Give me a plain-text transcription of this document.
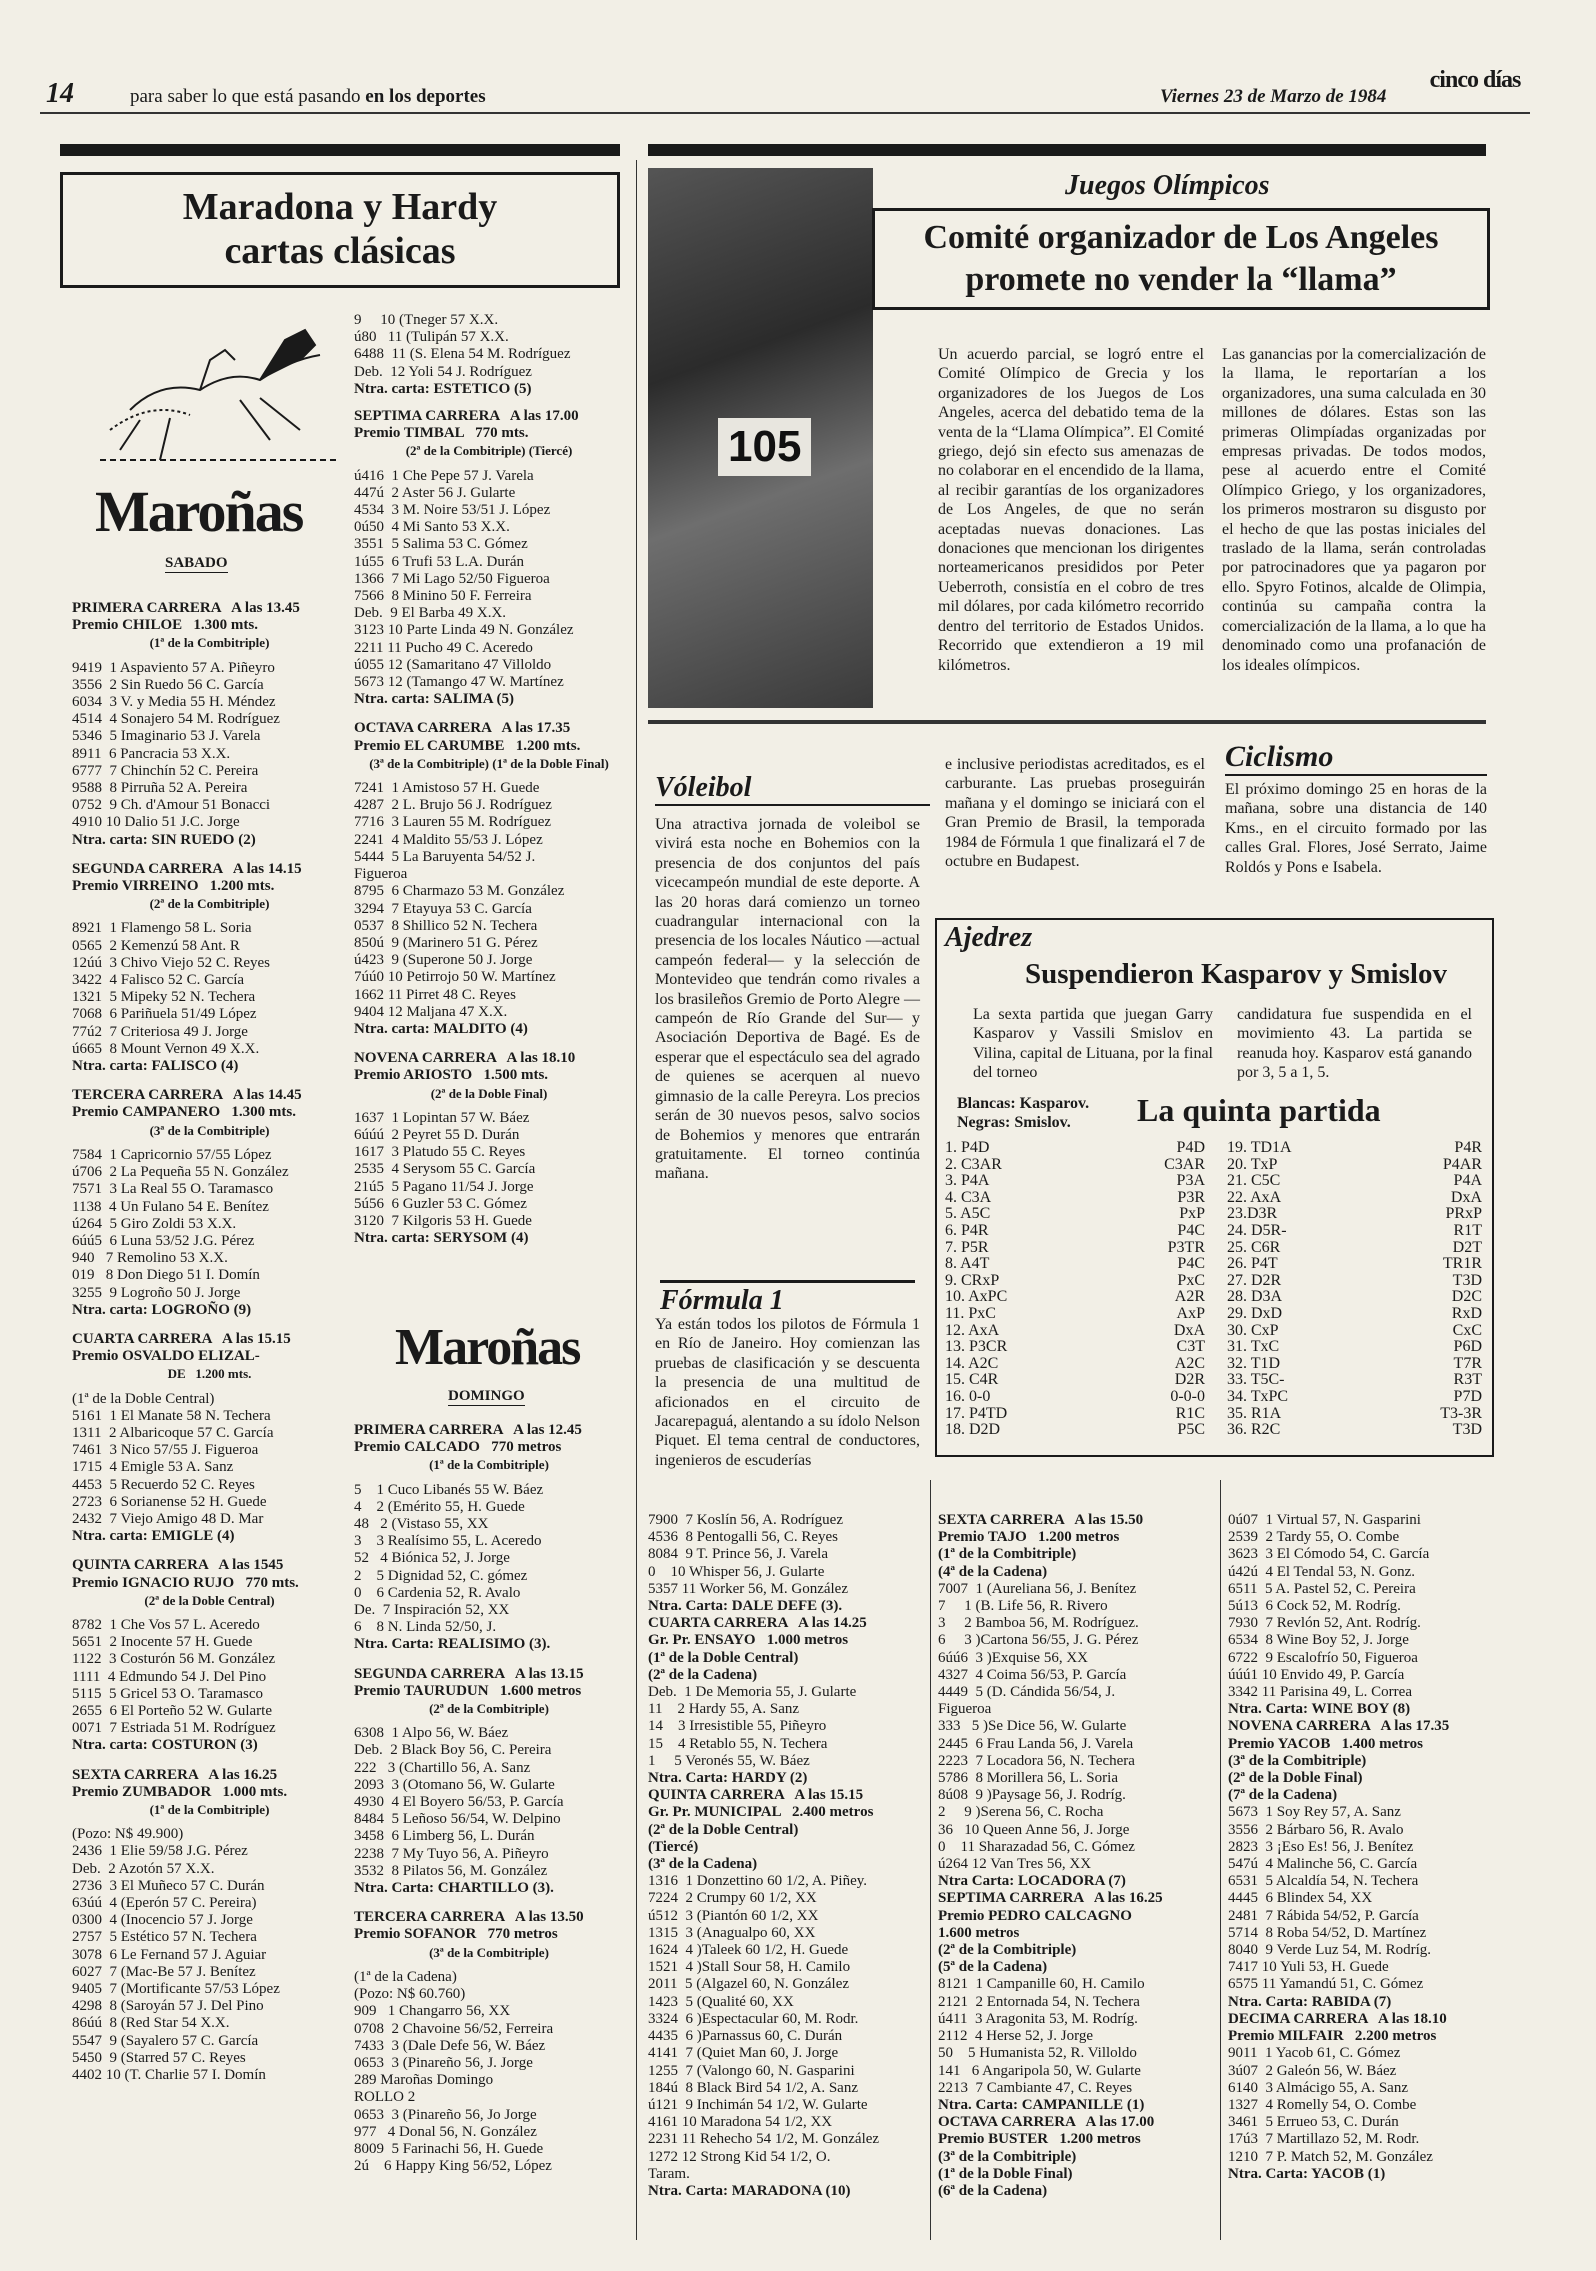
14	para saber lo que está pasando en los deportes	Viernes 23 de Marzo de 1984
cinco días
Maradona y Hardy
cartas clásicas
Maroñas
SABADO
PRIMERA CARRERA   A las 13.45
Premio CHILOE   1.300 mts.
(1ª de la Combitriple)
9419  1 Aspaviento 57 A. Piñeyro
3556  2 Sin Ruedo 56 C. García
6034  3 V. y Media 55 H. Méndez
4514  4 Sonajero 54 M. Rodríguez
5346  5 Imaginario 53 J. Varela
8911  6 Pancracia 53 X.X.
6777  7 Chinchín 52 C. Pereira
9588  8 Pirruña 52 A. Pereira
0752  9 Ch. d'Amour 51 Bonacci
4910 10 Dalio 51 J.C. Jorge
Ntra. carta: SIN RUEDO (2)
SEGUNDA CARRERA   A las 14.15
Premio VIRREINO   1.200 mts.
(2ª de la Combitriple)
8921  1 Flamengo 58 L. Soria
0565  2 Kemenzú 58 Ant. R
12úú  3 Chivo Viejo 52 C. Reyes
3422  4 Falisco 52 C. García
1321  5 Mipeky 52 N. Techera
7068  6 Pariñuela 51/49 López
77ú2  7 Criteriosa 49 J. Jorge
ú665  8 Mount Vernon 49 X.X.
Ntra. carta: FALISCO (4)
TERCERA CARRERA   A las 14.45
Premio CAMPANERO   1.300 mts.
(3ª de la Combitriple)
7584  1 Capricornio 57/55 López
ú706  2 La Pequeña 55 N. González
7571  3 La Real 55 O. Taramasco
1138  4 Un Fulano 54 E. Benítez
ú264  5 Giro Zoldi 53 X.X.
6úú5  6 Luna 53/52 J.G. Pérez
940   7 Remolino 53 X.X.
019   8 Don Diego 51 I. Domín
3255  9 Logroño 50 J. Jorge
Ntra. carta: LOGROÑO (9)
CUARTA CARRERA   A las 15.15
Premio OSVALDO ELIZAL-
DE   1.200 mts.
(1ª de la Doble Central)
5161  1 El Manate 58 N. Techera
1311  2 Albaricoque 57 C. García
7461  3 Nico 57/55 J. Figueroa
1715  4 Emigle 53 A. Sanz
4453  5 Recuerdo 52 C. Reyes
2723  6 Sorianense 52 H. Guede
2432  7 Viejo Amigo 48 D. Mar
Ntra. carta: EMIGLE (4)
QUINTA CARRERA   A las 1545
Premio IGNACIO RUJO   770 mts.
(2ª de la Doble Central)
8782  1 Che Vos 57 L. Aceredo
5651  2 Inocente 57 H. Guede
1122  3 Costurón 56 M. González
1111  4 Edmundo 54 J. Del Pino
5115  5 Gricel 53 O. Taramasco
2655  6 El Porteño 52 W. Gularte
0071  7 Estriada 51 M. Rodríguez
Ntra. carta: COSTURON (3)
SEXTA CARRERA   A las 16.25
Premio ZUMBADOR   1.000 mts.
(1ª de la Combitriple)
(Pozo: N$ 49.900)
2436  1 Elie 59/58 J.G. Pérez
Deb.  2 Azotón 57 X.X.
2736  3 El Muñeco 57 C. Durán
63úú  4 (Eperón 57 C. Pereira)
0300  4 (Inocencio 57 J. Jorge
2757  5 Estético 57 N. Techera
3078  6 Le Fernand 57 J. Aguiar
6027  7 (Mac-Be 57 J. Benítez
9405  7 (Mortificante 57/53 López
4298  8 (Saroyán 57 J. Del Pino
86úú  8 (Red Star 54 X.X.
5547  9 (Sayalero 57 C. García
5450  9 (Starred 57 C. Reyes
4402 10 (T. Charlie 57 I. Domín
9     10 (Tneger 57 X.X.
ú80   11 (Tulipán 57 X.X.
6488  11 (S. Elena 54 M. Rodríguez
Deb.  12 Yoli 54 J. Rodríguez
Ntra. carta: ESTETICO (5)
SEPTIMA CARRERA   A las 17.00
Premio TIMBAL   770 mts.
(2ª de la Combitriple) (Tiercé)
ú416  1 Che Pepe 57 J. Varela
447ú  2 Aster 56 J. Gularte
4534  3 M. Noire 53/51 J. López
0ú50  4 Mi Santo 53 X.X.
3551  5 Salima 53 C. Gómez
1ú55  6 Trufi 53 L.A. Durán
1366  7 Mi Lago 52/50 Figueroa
7566  8 Minino 50 F. Ferreira
Deb.  9 El Barba 49 X.X.
3123 10 Parte Linda 49 N. González
2211 11 Pucho 49 C. Aceredo
ú055 12 (Samaritano 47 Villoldo
5673 12 (Tamango 47 W. Martínez
Ntra. carta: SALIMA (5)
OCTAVA CARRERA   A las 17.35
Premio EL CARUMBE   1.200 mts.
(3ª de la Combitriple) (1ª de la Doble Final)
7241  1 Amistoso 57 H. Guede
4287  2 L. Brujo 56 J. Rodríguez
7716  3 Lauren 55 M. Rodríguez
2241  4 Maldito 55/53 J. López
5444  5 La Baruyenta 54/52 J.
Figueroa
8795  6 Charmazo 53 M. González
3294  7 Etayuya 53 C. García
0537  8 Shillico 52 N. Techera
850ú  9 (Marinero 51 G. Pérez
ú423  9 (Superone 50 J. Jorge
7úú0 10 Petirrojo 50 W. Martínez
1662 11 Pirret 48 C. Reyes
9404 12 Maljana 47 X.X.
Ntra. carta: MALDITO (4)
NOVENA CARRERA   A las 18.10
Premio ARIOSTO   1.500 mts.
(2ª de la Doble Final)
1637  1 Lopintan 57 W. Báez
6úúú  2 Peyret 55 D. Durán
1617  3 Platudo 55 C. Reyes
2535  4 Serysom 55 C. García
21ú5  5 Pagano 11/54 J. Jorge
5ú56  6 Guzler 53 C. Gómez
3120  7 Kilgoris 53 H. Guede
Ntra. carta: SERYSOM (4)
Maroñas
DOMINGO
PRIMERA CARRERA   A las 12.45
Premio CALCADO   770 metros
(1ª de la Combitriple)
5    1 Cuco Libanés 55 W. Báez
4    2 (Emérito 55, H. Guede
48   2 (Vistaso 55, XX
3    3 Realísimo 55, L. Aceredo
52   4 Biónica 52, J. Jorge
2    5 Dignidad 52, C. gómez
0    6 Cardenia 52, R. Avalo
De.  7 Inspiración 52, XX
6    8 N. Linda 52/50, J.
Ntra. Carta: REALISIMO (3).
SEGUNDA CARRERA   A las 13.15
Premio TAURUDUN   1.600 metros
(2ª de la Combitriple)
6308  1 Alpo 56, W. Báez
Deb.  2 Black Boy 56, C. Pereira
222   3 (Chartillo 56, A. Sanz
2093  3 (Otomano 56, W. Gularte
4930  4 El Boyero 56/53, P. García
8484  5 Leñoso 56/54, W. Delpino
3458  6 Limberg 56, L. Durán
2238  7 My Tuyo 56, A. Piñeyro
3532  8 Pilatos 56, M. González
Ntra. Carta: CHARTILLO (3).
TERCERA CARRERA   A las 13.50
Premio SOFANOR   770 metros
(3ª de la Combitriple)
(1ª de la Cadena)
(Pozo: N$ 60.760)
909   1 Changarro 56, XX
0708  2 Chavoine 56/52, Ferreira
7433  3 (Dale Defe 56, W. Báez
0653  3 (Pinareño 56, J. Jorge
289 Maroñas Domingo
ROLLO 2
0653  3 (Pinareño 56, Jo Jorge
977   4 Donal 56, N. González
8009  5 Farinachi 56, H. Guede
2ú    6 Happy King 56/52, López
105
Juegos Olímpicos
Comité organizador de Los Angeles
promete no vender la “llama”
Un acuerdo parcial, se logró entre el Comité Olímpico de Grecia y los organizadores de los Juegos de Los Angeles, acerca del debatido tema de la venta de la “Llama Olímpica”. El Comité griego, dejó sin efecto sus amenazas de no colaborar en el encendido de la llama, al recibir garantías de los organizadores de Los Angeles, de que no serán aceptadas nuevas donaciones. Las donaciones que mencionan los dirigentes norteamericanos presididos por Peter Ueberroth, consistía en el cobro de tres mil dólares, por cada kilómetro recorrido dentro del territorio de Estados Unidos. Recorrido que extendieron a 19 mil kilómetros.
Las ganancias por la comercialización de la llama, le reportarían a los organizadores, una suma calculada en 30 millones de dólares. Estas son las primeras Olimpíadas organizadas por empresas privadas. De todos modos, pese al acuerdo entre el Comité Olímpico Griego, y los organizadores, los primeros mostraron su disgusto por el hecho de que las postas iniciales del traslado de la llama, serán controladas por patrocinadores que ya pagaron por ello. Spyro Fotinos, alcalde de Olimpia, continúa su campaña contra la comercialización de la llama, a lo que ha denominado como una profanación de los ideales olímpicos.
Vóleibol
Una atractiva jornada de voleibol se vivirá esta noche en Bohemios con la presencia de dos conjuntos del país vicecampeón mundial de este deporte. A las 20 horas dará comienzo un torneo cuadrangular internacional con la presencia de los locales Náutico —actual campeón federal— y la selección de Montevideo que tendrán como rivales a los brasileños Gremio de Porto Alegre —campeón de Río Grande del Sur— y Asociación Deportiva de Bagé. Es de esperar que el espectáculo sea del agrado de quienes se acerquen al nuevo gimnasio de la calle Pereyra. Los precios serán de 30 nuevos pesos, salvo socios de Bohemios y menores que entrarán gratuitamente. El torneo continúa mañana.
Fórmula 1
Ya están todos los pilotos de Fórmula 1 en Río de Janeiro. Hoy comienzan las pruebas de clasificación y se descuenta la presencia de una multitud de aficionados en el circuito de Jacarepaguá, alentando a su ídolo Nelson Piquet. El tema central de conductores, ingenieros de escuderías
e inclusive periodistas acreditados, es el carburante. Las pruebas proseguirán mañana y el domingo se iniciará con el Gran Premio de Brasil, la temporada 1984 de Fórmula 1 que finalizará el 7 de octubre en Budapest.
Ciclismo
El próximo domingo 25 en horas de la mañana, sobre una distancia de 140 Kms., en el circuito formado por las calles Gral. Flores, José Serrato, Jaime Roldós y Pons e Isabela.
Ajedrez
Suspendieron Kasparov y Smislov
La sexta partida que juegan Garry Kasparov y Vassili Smislov en Vilina, capital de Lituana, por la final del torneo
candidatura fue suspendida en el movimiento 43. La partida se reanuda hoy. Kasparov está ganando por 3, 5 a 1, 5.
Blancas: Kasparov.
Negras: Smislov. La quinta partida
1. P4D	P4D
2. C3AR	C3AR
3. P4A	P3A
4. C3A	P3R
5. A5C	PxP
6. P4R	P4C
7. P5R	P3TR
8. A4T	P4C
9. CRxP	PxC
10. AxPC	A2R
11. PxC	AxP
12. AxA	DxA
13. P3CR	C3T
14. A2C	A2C
15. C4R	D2R
16. 0-0	0-0-0
17. P4TD	R1C
18. D2D	P5C
19. TD1A	P4R
20. TxP	P4AR
21. C5C	P4A
22. AxA	DxA
23.D3R	PRxP
24. D5R-	R1T
25. C6R	D2T
26. P4T	TR1R
27. D2R	T3D
28. D3A	D2C
29. DxD	RxD
30. CxP	CxC
31. TxC	P6D
32. T1D	T7R
33. T5C-	R3T
34. TxPC	P7D
35. R1A	T3-3R
36. R2C	T3D
7900  7 Koslín 56, A. Rodríguez
4536  8 Pentogalli 56, C. Reyes
8084  9 T. Prince 56, J. Varela
0    10 Whisper 56, J. Gularte
5357 11 Worker 56, M. González
Ntra. Carta: DALE DEFE (3).
CUARTA CARRERA   A las 14.25
Gr. Pr. ENSAYO   1.000 metros
(1ª de la Doble Central)
(2ª de la Cadena)
Deb.  1 De Memoria 55, J. Gularte
11    2 Hardy 55, A. Sanz
14    3 Irresistible 55, Piñeyro
15    4 Retablo 55, N. Techera
1     5 Veronés 55, W. Báez
Ntra. Carta: HARDY (2)
QUINTA CARRERA   A las 15.15
Gr. Pr. MUNICIPAL   2.400 metros
(2ª de la Doble Central)
(Tiercé)
(3ª de la Cadena)
1316  1 Donzettino 60 1/2, A. Piñey.
7224  2 Crumpy 60 1/2, XX
ú512  3 (Piantón 60 1/2, XX
1315  3 (Anagualpo 60, XX
1624  4 )Taleek 60 1/2, H. Guede
1521  4 )Stall Sour 58, H. Camilo
2011  5 (Algazel 60, N. González
1423  5 (Qualité 60, XX
3324  6 )Espectacular 60, M. Rodr.
4435  6 )Parnassus 60, C. Durán
4141  7 (Quiet Man 60, J. Jorge
1255  7 (Valongo 60, N. Gasparini
184ú  8 Black Bird 54 1/2, A. Sanz
ú121  9 Inchimán 54 1/2, W. Gularte
4161 10 Maradona 54 1/2, XX
2231 11 Rehecho 54 1/2, M. González
1272 12 Strong Kid 54 1/2, O.
Taram.
Ntra. Carta: MARADONA (10)
SEXTA CARRERA   A las 15.50
Premio TAJO   1.200 metros
(1ª de la Combitriple)
(4ª de la Cadena)
7007  1 (Aureliana 56, J. Benítez
7     1 (B. Life 56, R. Rivero
3     2 Bamboa 56, M. Rodríguez.
6     3 )Cartona 56/55, J. G. Pérez
6úú6  3 )Exquise 56, XX
4327  4 Coima 56/53, P. García
4449  5 (D. Cándida 56/54, J.
Figueroa
333   5 )Se Dice 56, W. Gularte
2445  6 Frau Landa 56, J. Varela
2223  7 Locadora 56, N. Techera
5786  8 Morillera 56, L. Soria
8ú08  9 )Paysage 56, J. Rodríg.
2     9 )Serena 56, C. Rocha
36   10 Queen Anne 56, J. Jorge
0    11 Sharazadad 56, C. Gómez
ú264 12 Van Tres 56, XX
Ntra Carta: LOCADORA (7)
SEPTIMA CARRERA   A las 16.25
Premio PEDRO CALCAGNO
1.600 metros
(2ª de la Combitriple)
(5ª de la Cadena)
8121  1 Campanille 60, H. Camilo
2121  2 Entornada 54, N. Techera
ú411  3 Aragonita 53, M. Rodríg.
2112  4 Herse 52, J. Jorge
50    5 Humanista 52, R. Villoldo
141   6 Angaripola 50, W. Gularte
2213  7 Cambiante 47, C. Reyes
Ntra. Carta: CAMPANILLE (1)
OCTAVA CARRERA   A las 17.00
Premio BUSTER   1.200 metros
(3ª de la Combitriple)
(1ª de la Doble Final)
(6ª de la Cadena)
0ú07  1 Virtual 57, N. Gasparini
2539  2 Tardy 55, O. Combe
3623  3 El Cómodo 54, C. García
ú42ú  4 El Tendal 53, N. Gonz.
6511  5 A. Pastel 52, C. Pereira
5ú13  6 Cock 52, M. Rodríg.
7930  7 Revlón 52, Ant. Rodríg.
6534  8 Wine Boy 52, J. Jorge
6722  9 Escalofrío 50, Figueroa
úúú1 10 Envido 49, P. García
3342 11 Parisina 49, L. Correa
Ntra. Carta: WINE BOY (8)
NOVENA CARRERA   A las 17.35
Premio YACOB   1.400 metros
(3ª de la Combitriple)
(2ª de la Doble Final)
(7ª de la Cadena)
5673  1 Soy Rey 57, A. Sanz
3556  2 Bárbaro 56, R. Avalo
2823  3 ¡Eso Es! 56, J. Benítez
547ú  4 Malinche 56, C. García
6531  5 Alcaldía 54, N. Techera
4445  6 Blindex 54, XX
2481  7 Rábida 54/52, P. García
5714  8 Roba 54/52, D. Martínez
8040  9 Verde Luz 54, M. Rodríg.
7417 10 Yuli 53, H. Guede
6575 11 Yamandú 51, C. Gómez
Ntra. Carta: RABIDA (7)
DECIMA CARRERA   A las 18.10
Premio MILFAIR   2.200 metros
9011  1 Yacob 61, C. Gómez
3ú07  2 Galeón 56, W. Báez
6140  3 Almácigo 55, A. Sanz
1327  4 Romelly 54, O. Combe
3461  5 Errueo 53, C. Durán
17ú3  7 Martillazo 52, M. Rodr.
1210  7 P. Match 52, M. González
Ntra. Carta: YACOB (1)
